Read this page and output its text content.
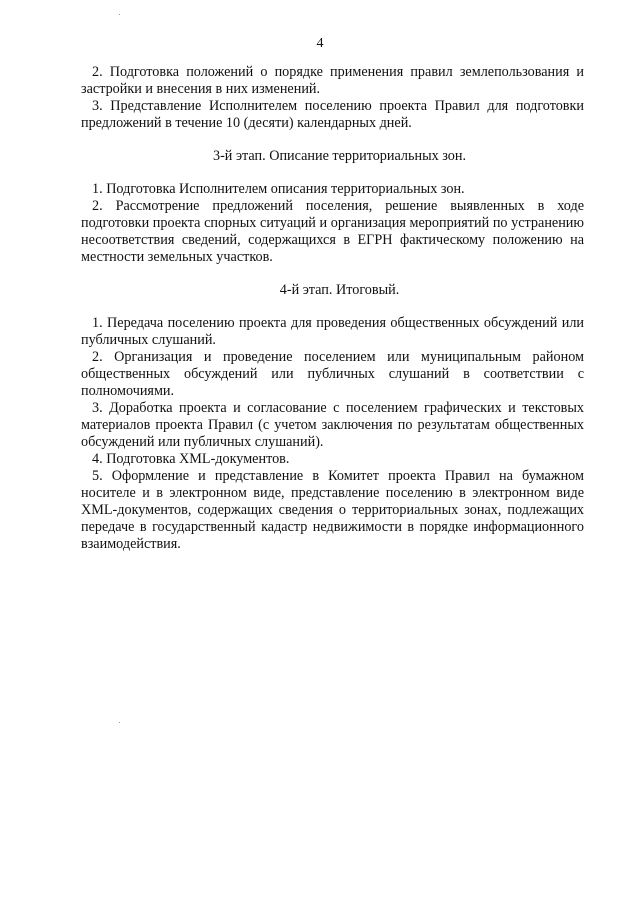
4

2. Подготовка положений о порядке применения правил землепользования и застройки и внесения в них изменений.

3. Представление Исполнителем поселению проекта Правил для подготовки предложений в течение 10 (десяти) календарных дней.

3-й этап. Описание территориальных зон.

1. Подготовка Исполнителем описания территориальных зон.

2. Рассмотрение предложений поселения, решение выявленных в ходе подготовки проекта спорных ситуаций и организация мероприятий по устранению несоответствия сведений, содержащихся в ЕГРН фактическому положению на местности земельных участков.

4-й этап. Итоговый.

1. Передача поселению проекта для проведения общественных обсуждений или публичных слушаний.

2. Организация и проведение поселением или муниципальным районом общественных обсуждений или публичных слушаний в соответствии с полномочиями.

3. Доработка проекта и согласование с поселением графических и текстовых материалов проекта Правил (с учетом заключения по результатам общественных обсуждений или публичных слушаний).

4. Подготовка XML-документов.

5. Оформление и представление в Комитет проекта Правил на бумажном носителе и в электронном виде, представление поселению в электронном виде XML-документов, содержащих сведения о территориальных зонах, подлежащих передаче в государственный кадастр недвижимости в порядке информационного взаимодействия.
